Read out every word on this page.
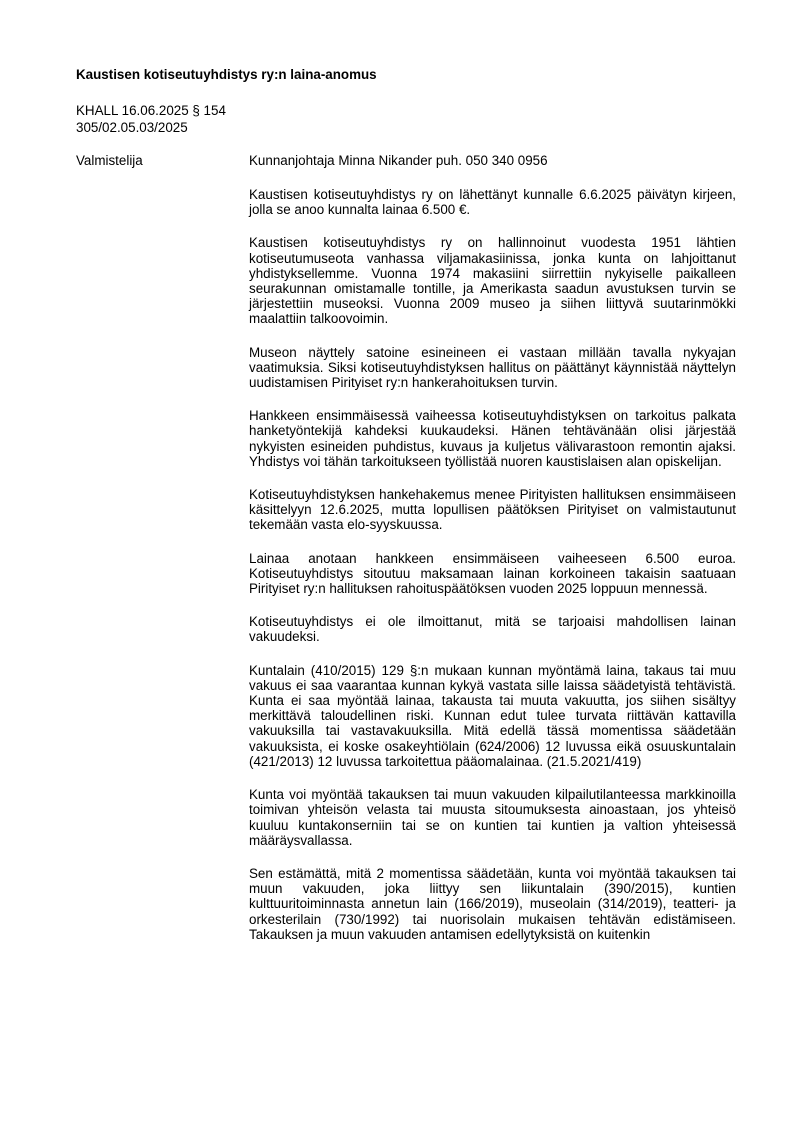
Kaustisen kotiseutuyhdistys ry:n laina-anomus
KHALL 16.06.2025 § 154
305/02.05.03/2025
Valmistelija	Kunnanjohtaja Minna Nikander puh. 050 340 0956

Kaustisen kotiseutuyhdistys ry on lähettänyt kunnalle 6.6.2025 päivätyn kirjeen, jolla se anoo kunnalta lainaa 6.500 €.

Kaustisen kotiseutuyhdistys ry on hallinnoinut vuodesta 1951 lähtien kotiseutumuseota vanhassa viljamakasiinissa, jonka kunta on lahjoittanut yhdistyksellemme. Vuonna 1974 makasiini siirrettiin nykyiselle paikalleen seurakunnan omistamalle tontille, ja Amerikasta saadun avustuksen turvin se järjestettiin museoksi. Vuonna 2009 museo ja siihen liittyvä suutarinmökki maalattiin talkoovoimin.

Museon näyttely satoine esineineen ei vastaan millään tavalla nykyajan vaatimuksia. Siksi kotiseutuyhdistyksen hallitus on päättänyt käynnistää näyttelyn uudistamisen Pirityiset ry:n hankerahoituksen turvin.

Hankkeen ensimmäisessä vaiheessa kotiseutuyhdistyksen on tarkoitus palkata hanketyöntekijä kahdeksi kuukaudeksi. Hänen tehtävänään olisi järjestää nykyisten esineiden puhdistus, kuvaus ja kuljetus välivarastoon remontin ajaksi. Yhdistys voi tähän tarkoitukseen työllistää nuoren kaustislaisen alan opiskelijan.

Kotiseutuyhdistyksen hankehakemus menee Pirityisten hallituksen ensimmäiseen käsittelyyn 12.6.2025, mutta lopullisen päätöksen Pirityiset on valmistautunut tekemään vasta elo-syyskuussa.

Lainaa anotaan hankkeen ensimmäiseen vaiheeseen 6.500 euroa. Kotiseutuyhdistys sitoutuu maksamaan lainan korkoineen takaisin saatuaan Pirityiset ry:n hallituksen rahoituspäätöksen vuoden 2025 loppuun mennessä.

Kotiseutuyhdistys ei ole ilmoittanut, mitä se tarjoaisi mahdollisen lainan vakuudeksi.

Kuntalain (410/2015) 129 §:n mukaan kunnan myöntämä laina, takaus tai muu vakuus ei saa vaarantaa kunnan kykyä vastata sille laissa säädetyistä tehtävistä. Kunta ei saa myöntää lainaa, takausta tai muuta vakuutta, jos siihen sisältyy merkittävä taloudellinen riski. Kunnan edut tulee turvata riittävän kattavilla vakuuksilla tai vastavakuuksilla. Mitä edellä tässä momentissa säädetään vakuuksista, ei koske osakeyhtiölain (624/2006) 12 luvussa eikä osuuskuntalain (421/2013) 12 luvussa tarkoitettua pääomalainaa. (21.5.2021/419)

Kunta voi myöntää takauksen tai muun vakuuden kilpailutilanteessa markkinoilla toimivan yhteisön velasta tai muusta sitoumuksesta ainoastaan, jos yhteisö kuuluu kuntakonserniin tai se on kuntien tai kuntien ja valtion yhteisessä määräysvallassa.

Sen estämättä, mitä 2 momentissa säädetään, kunta voi myöntää takauksen tai muun vakuuden, joka liittyy sen liikuntalain (390/2015), kuntien kulttuuritoiminnasta annetun lain (166/2019), museolain (314/2019), teatteri- ja orkesterilain (730/1992) tai nuorisolain mukaisen tehtävän edistämiseen. Takauksen ja muun vakuuden antamisen edellytyksistä on kuitenkin
